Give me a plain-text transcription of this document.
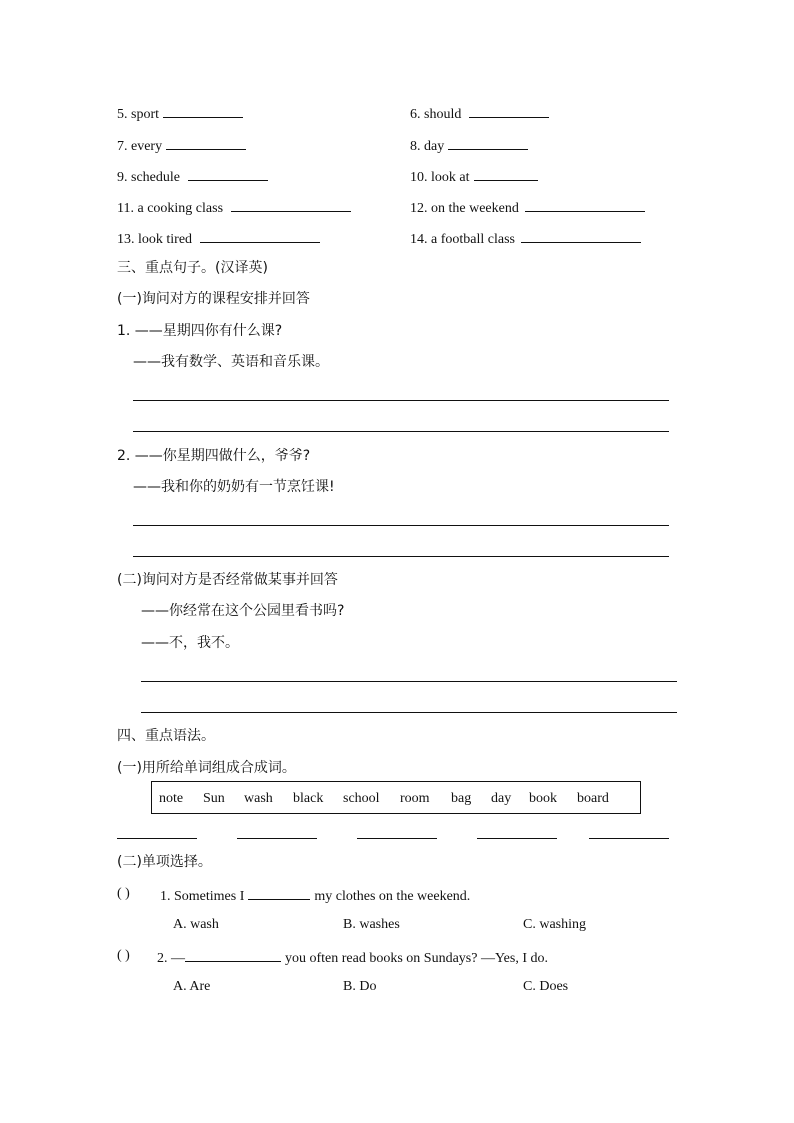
5. sport	6. should
7. every	8. day
9. schedule	10. look at
11. a cooking class	12. on the weekend
13. look tired	14. a football class
三、重点句子。(汉译英)
(一)询问对方的课程安排并回答
1. ——星期四你有什么课?
——我有数学、英语和音乐课。
2. ——你星期四做什么，爷爷?
——我和你的奶奶有一节烹饪课!
(二)询问对方是否经常做某事并回答
——你经常在这个公园里看书吗?
——不，我不。
四、重点语法。
(一)用所给单词组成合成词。
note Sun wash black school room bag day book board
(二)单项选择。
( ) 1. Sometimes I	my clothes on the weekend.
A. wash	B. washes	C. washing
( ) 2. —	you often read books on Sundays? —Yes, I do.
A. Are	B. Do	C. Does
